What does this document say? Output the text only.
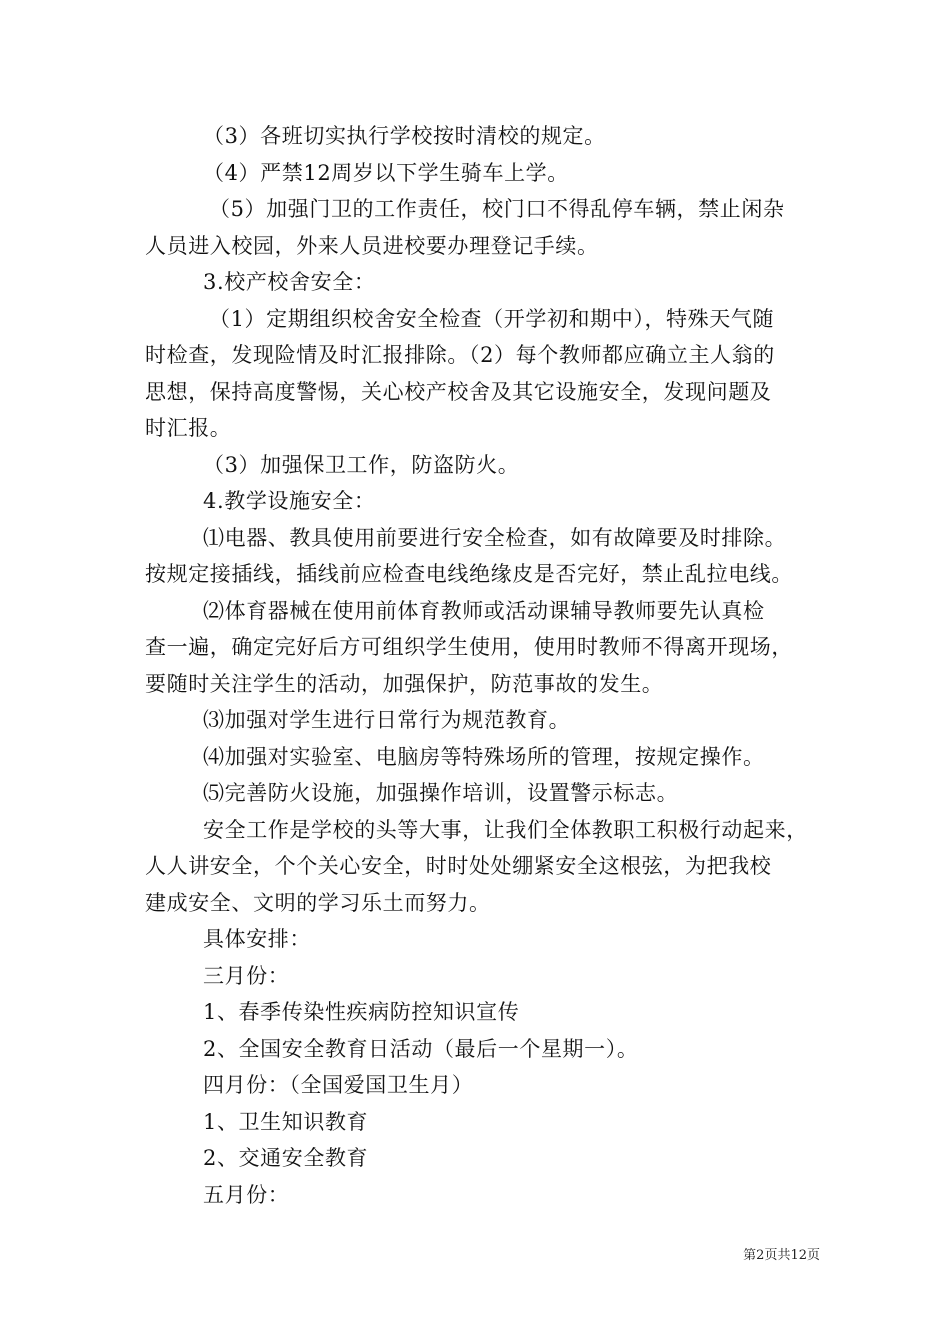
（3）各班切实执行学校按时清校的规定。
（4）严禁12周岁以下学生骑车上学。
（5）加强门卫的工作责任，校门口不得乱停车辆，禁止闲杂
人员进入校园，外来人员进校要办理登记手续。
3.校产校舍安全：
（1）定期组织校舍安全检查（开学初和期中），特殊天气随
时检查，发现险情及时汇报排除。（2）每个教师都应确立主人翁的
思想，保持高度警惕，关心校产校舍及其它设施安全，发现问题及
时汇报。
（3）加强保卫工作，防盗防火。
4.教学设施安全：
⑴电器、教具使用前要进行安全检查，如有故障要及时排除。
按规定接插线，插线前应检查电线绝缘皮是否完好，禁止乱拉电线。
⑵体育器械在使用前体育教师或活动课辅导教师要先认真检
查一遍，确定完好后方可组织学生使用，使用时教师不得离开现场，
要随时关注学生的活动，加强保护，防范事故的发生。
⑶加强对学生进行日常行为规范教育。
⑷加强对实验室、电脑房等特殊场所的管理，按规定操作。
⑸完善防火设施，加强操作培训，设置警示标志。
安全工作是学校的头等大事，让我们全体教职工积极行动起来，
人人讲安全，个个关心安全，时时处处绷紧安全这根弦，为把我校
建成安全、文明的学习乐土而努力。
具体安排：
三月份：
1、春季传染性疾病防控知识宣传
2、全国安全教育日活动（最后一个星期一）。
四月份：（全国爱国卫生月）
1、卫生知识教育
2、交通安全教育
五月份：
第2页共12页
